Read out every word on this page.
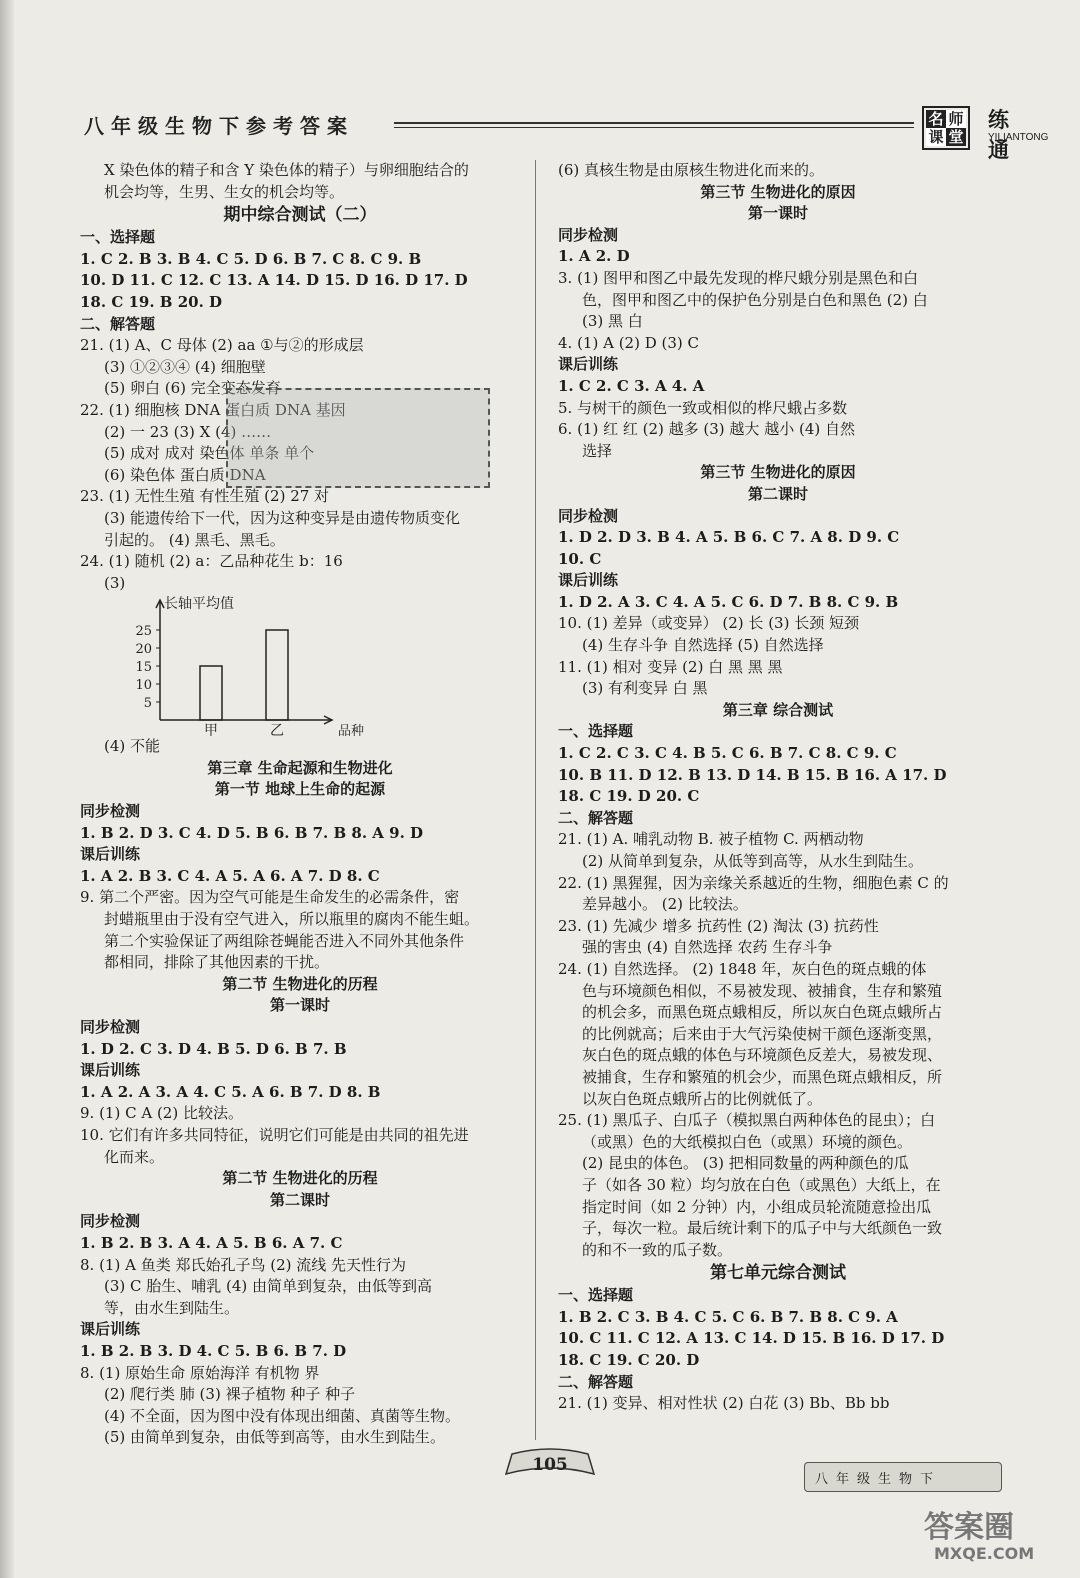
八年级生物下参考答案	名 师
课 堂
练通
YILIANTONG
X 染色体的精子和含 Y 染色体的精子）与卵细胞结合的
机会均等，生男、生女的机会均等。
期中综合测试（二）
一、选择题
1. C 2. B 3. B 4. C 5. D 6. B 7. C 8. C 9. B
10. D 11. C 12. C 13. A 14. D 15. D 16. D 17. D
18. C 19. B 20. D
二、解答题
21. (1) A、C 母体 (2) aa ①与②的形成层
(3) ①②③④ (4) 细胞壁
(5) 卵白 (6) 完全变态发育
22. (1) 细胞核 DNA 蛋白质 DNA 基因
(2) 一 23 (3) X (4) ……
(5) 成对 成对 染色体 单条 单个
(6) 染色体 蛋白质 DNA
23. (1) 无性生殖 有性生殖 (2) 27 对
(3) 能遗传给下一代，因为这种变异是由遗传物质变化
引起的。 (4) 黑毛、黑毛。
24. (1) 随机 (2) a：乙品种花生 b：16
(3)
长轴平均值
5
10
15
20
25
甲	乙	品种
(4) 不能
第三章 生命起源和生物进化
第一节 地球上生命的起源
同步检测
1. B 2. D 3. C 4. D 5. B 6. B 7. B 8. A 9. D
课后训练
1. A 2. B 3. C 4. A 5. A 6. A 7. D 8. C
9. 第二个严密。因为空气可能是生命发生的必需条件，密
封蜡瓶里由于没有空气进入，所以瓶里的腐肉不能生蛆。
第二个实验保证了两组除苍蝇能否进入不同外其他条件
都相同，排除了其他因素的干扰。
第二节 生物进化的历程
第一课时
同步检测
1. D 2. C 3. D 4. B 5. D 6. B 7. B
课后训练
1. A 2. A 3. A 4. C 5. A 6. B 7. D 8. B
9. (1) C A (2) 比较法。
10. 它们有许多共同特征，说明它们可能是由共同的祖先进
化而来。
第二节 生物进化的历程
第二课时
同步检测
1. B 2. B 3. A 4. A 5. B 6. A 7. C
8. (1) A 鱼类 郑氏始孔子鸟 (2) 流线 先天性行为
(3) C 胎生、哺乳 (4) 由简单到复杂，由低等到高
等，由水生到陆生。
课后训练
1. B 2. B 3. D 4. C 5. B 6. B 7. D
8. (1) 原始生命 原始海洋 有机物 界
(2) 爬行类 肺 (3) 裸子植物 种子 种子
(4) 不全面，因为图中没有体现出细菌、真菌等生物。
(5) 由简单到复杂，由低等到高等，由水生到陆生。
(6) 真核生物是由原核生物进化而来的。
第三节 生物进化的原因
第一课时
同步检测
1. A 2. D
3. (1) 图甲和图乙中最先发现的桦尺蛾分别是黑色和白
色，图甲和图乙中的保护色分别是白色和黑色 (2) 白
(3) 黑 白
4. (1) A (2) D (3) C
课后训练
1. C 2. C 3. A 4. A
5. 与树干的颜色一致或相似的桦尺蛾占多数
6. (1) 红 红 (2) 越多 (3) 越大 越小 (4) 自然
选择
第三节 生物进化的原因
第二课时
同步检测
1. D 2. D 3. B 4. A 5. B 6. C 7. A 8. D 9. C
10. C
课后训练
1. D 2. A 3. C 4. A 5. C 6. D 7. B 8. C 9. B
10. (1) 差异（或变异） (2) 长 (3) 长颈 短颈
(4) 生存斗争 自然选择 (5) 自然选择
11. (1) 相对 变异 (2) 白 黑 黑 黑
(3) 有利变异 白 黑
第三章 综合测试
一、选择题
1. C 2. C 3. C 4. B 5. C 6. B 7. C 8. C 9. C
10. B 11. D 12. B 13. D 14. B 15. B 16. A 17. D
18. C 19. D 20. C
二、解答题
21. (1) A. 哺乳动物 B. 被子植物 C. 两栖动物
(2) 从简单到复杂，从低等到高等，从水生到陆生。
22. (1) 黑猩猩，因为亲缘关系越近的生物，细胞色素 C 的
差异越小。 (2) 比较法。
23. (1) 先减少 增多 抗药性 (2) 淘汰 (3) 抗药性
强的害虫 (4) 自然选择 农药 生存斗争
24. (1) 自然选择。 (2) 1848 年，灰白色的斑点蛾的体
色与环境颜色相似，不易被发现、被捕食，生存和繁殖
的机会多，而黑色斑点蛾相反，所以灰白色斑点蛾所占
的比例就高；后来由于大气污染使树干颜色逐渐变黑，
灰白色的斑点蛾的体色与环境颜色反差大，易被发现、
被捕食，生存和繁殖的机会少，而黑色斑点蛾相反，所
以灰白色斑点蛾所占的比例就低了。
25. (1) 黑瓜子、白瓜子（模拟黑白两种体色的昆虫）；白
（或黑）色的大纸模拟白色（或黑）环境的颜色。
(2) 昆虫的体色。 (3) 把相同数量的两种颜色的瓜
子（如各 30 粒）均匀放在白色（或黑色）大纸上，在
指定时间（如 2 分钟）内，小组成员轮流随意捡出瓜
子，每次一粒。最后统计剩下的瓜子中与大纸颜色一致
的和不一致的瓜子数。
第七单元综合测试
一、选择题
1. B 2. C 3. B 4. C 5. C 6. B 7. B 8. C 9. A
10. C 11. C 12. A 13. C 14. D 15. B 16. D 17. D
18. C 19. C 20. D
二、解答题
21. (1) 变异、相对性状 (2) 白花 (3) Bb、Bb bb
105
八年级生物下
答案圈
MXQE.COM
